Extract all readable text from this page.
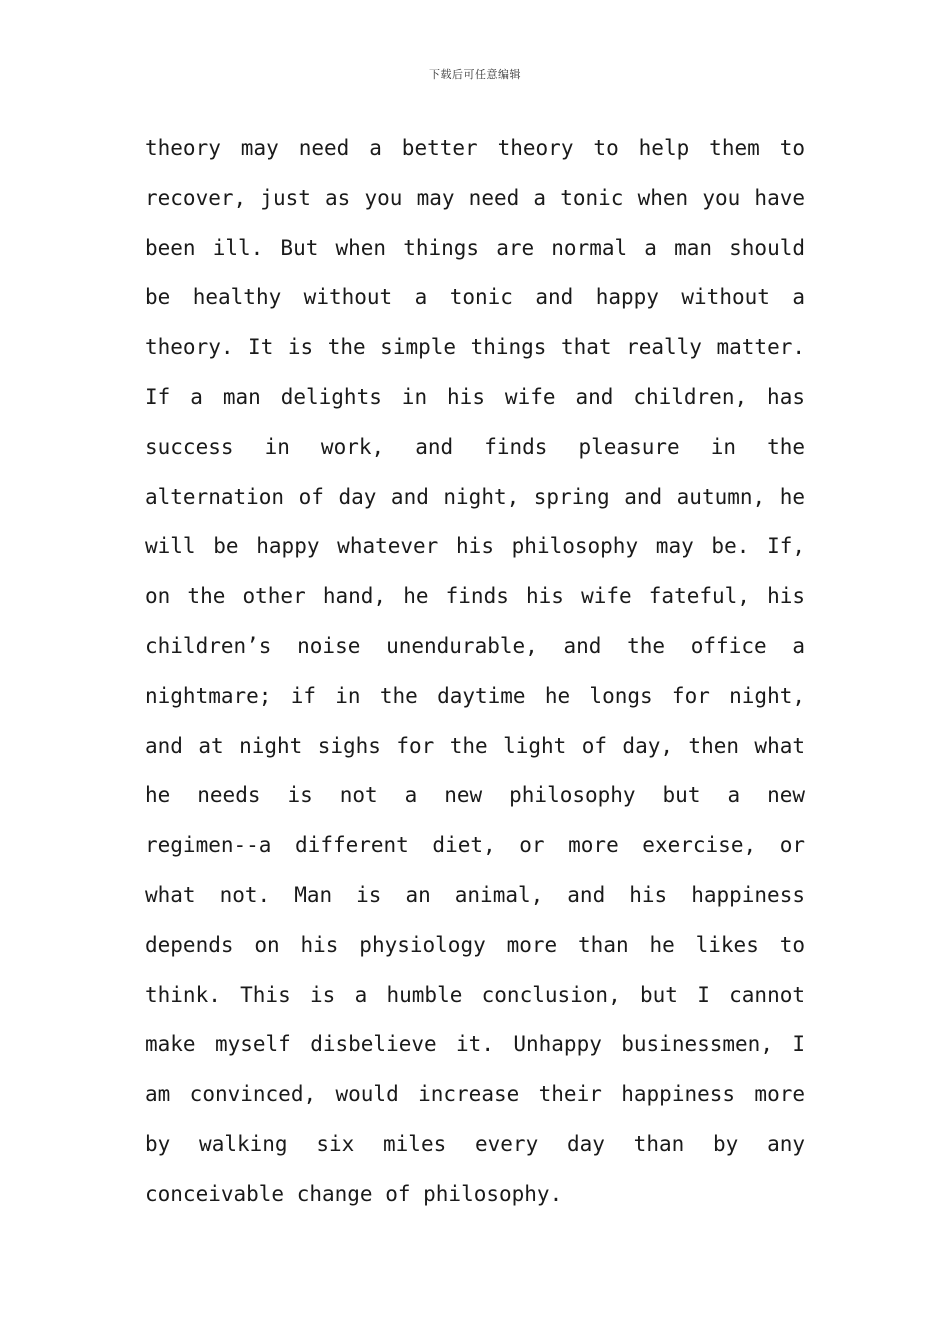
下载后可任意编辑
theory may need a better theory to help them to
recover, just as you may need a tonic when you have
been ill. But when things are normal a man should
be healthy without a tonic and happy without a
theory. It is the simple things that really matter.
If a man delights in his wife and children, has
success in work, and finds pleasure in the
alternation of day and night, spring and autumn, he
will be happy whatever his philosophy may be. If,
on the other hand, he finds his wife fateful, his
children’s noise unendurable, and the office a
nightmare; if in the daytime he longs for night,
and at night sighs for the light of day, then what
he needs is not a new philosophy but a new
regimen--a different diet, or more exercise, or
what not. Man is an animal, and his happiness
depends on his physiology more than he likes to
think. This is a humble conclusion, but I cannot
make myself disbelieve it. Unhappy businessmen, I
am convinced, would increase their happiness more
by walking six miles every day than by any
conceivable change of philosophy.
